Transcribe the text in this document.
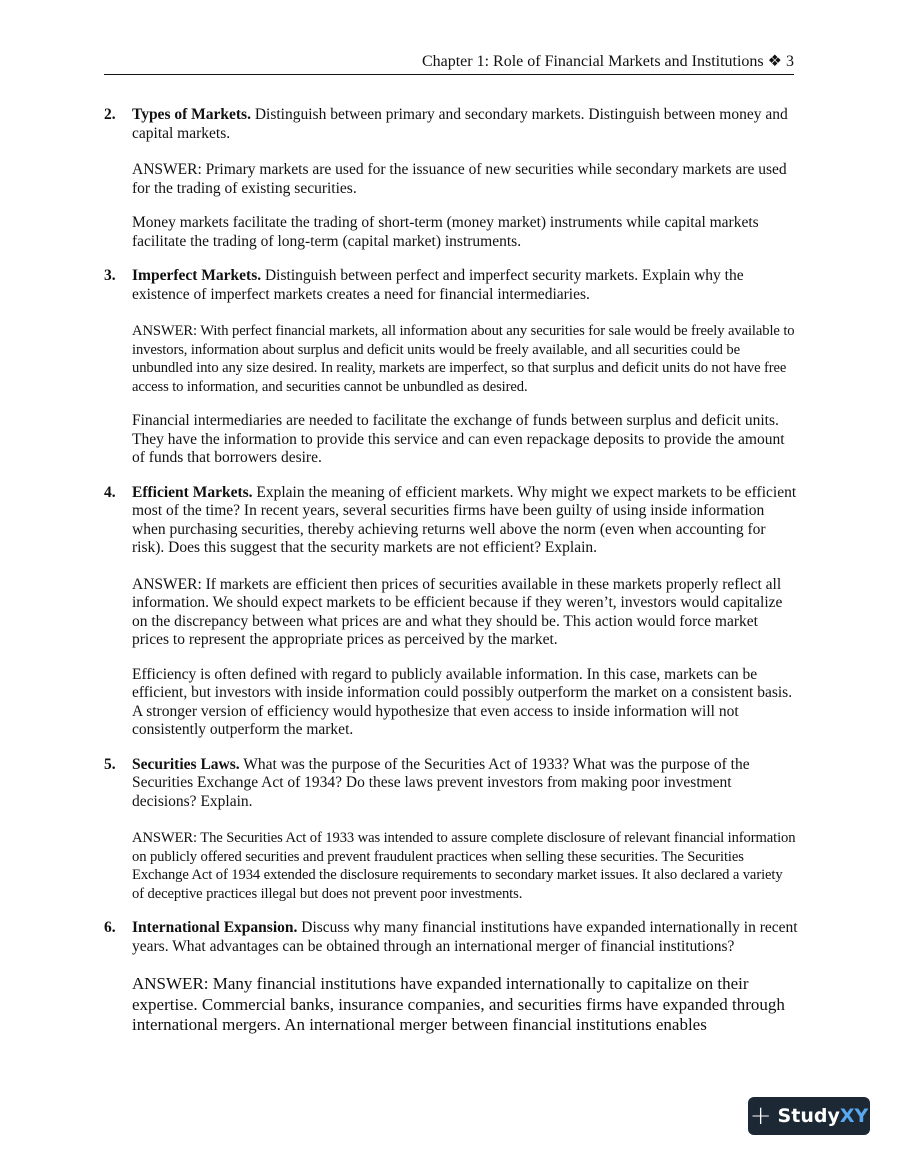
Chapter 1: Role of Financial Markets and Institutions ❖ 3
2. Types of Markets. Distinguish between primary and secondary markets. Distinguish between money and capital markets.

ANSWER: Primary markets are used for the issuance of new securities while secondary markets are used for the trading of existing securities.

Money markets facilitate the trading of short-term (money market) instruments while capital markets facilitate the trading of long-term (capital market) instruments.

3. Imperfect Markets. Distinguish between perfect and imperfect security markets. Explain why the existence of imperfect markets creates a need for financial intermediaries.

ANSWER: With perfect financial markets, all information about any securities for sale would be freely available to investors, information about surplus and deficit units would be freely available, and all securities could be unbundled into any size desired. In reality, markets are imperfect, so that surplus and deficit units do not have free access to information, and securities cannot be unbundled as desired.

Financial intermediaries are needed to facilitate the exchange of funds between surplus and deficit units. They have the information to provide this service and can even repackage deposits to provide the amount of funds that borrowers desire.

4. Efficient Markets. Explain the meaning of efficient markets. Why might we expect markets to be efficient most of the time? In recent years, several securities firms have been guilty of using inside information when purchasing securities, thereby achieving returns well above the norm (even when accounting for risk). Does this suggest that the security markets are not efficient? Explain.

ANSWER: If markets are efficient then prices of securities available in these markets properly reflect all information. We should expect markets to be efficient because if they weren’t, investors would capitalize on the discrepancy between what prices are and what they should be. This action would force market prices to represent the appropriate prices as perceived by the market.

Efficiency is often defined with regard to publicly available information. In this case, markets can be efficient, but investors with inside information could possibly outperform the market on a consistent basis. A stronger version of efficiency would hypothesize that even access to inside information will not consistently outperform the market.

5. Securities Laws. What was the purpose of the Securities Act of 1933? What was the purpose of the Securities Exchange Act of 1934? Do these laws prevent investors from making poor investment decisions? Explain.

ANSWER: The Securities Act of 1933 was intended to assure complete disclosure of relevant financial information on publicly offered securities and prevent fraudulent practices when selling these securities. The Securities Exchange Act of 1934 extended the disclosure requirements to secondary market issues. It also declared a variety of deceptive practices illegal but does not prevent poor investments.

6. International Expansion. Discuss why many financial institutions have expanded internationally in recent years. What advantages can be obtained through an international merger of financial institutions?

ANSWER: Many financial institutions have expanded internationally to capitalize on their expertise. Commercial banks, insurance companies, and securities firms have expanded through international mergers. An international merger between financial institutions enables

+ StudyXY
